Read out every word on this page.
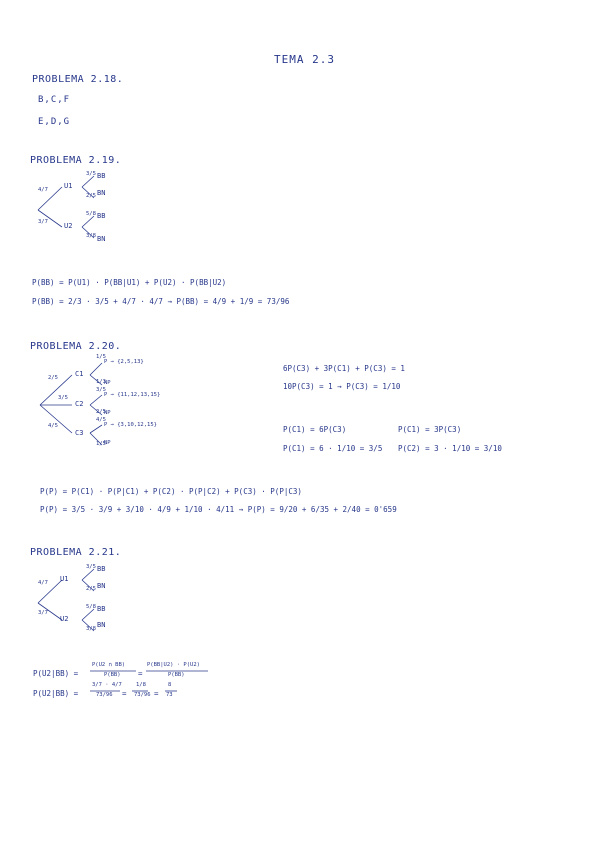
TEMA 2.3
PROBLEMA 2.18.
B,C,F
E,D,G
PROBLEMA 2.19.
4/7
3/7
U1
U2
3/5 BB
2/5 BN
5/8 BB
3/8 BN
P(BB) = P(U1) · P(BB|U1) + P(U2) · P(BB|U2)
P(BB) = 2/3 · 3/5 + 4/7 · 4/7 → P(BB) = 4/9 + 1/9 = 73/96
PROBLEMA 2.20.
2/5
3/5
4/5
C1
C2
C3
1/5
P → {2,5,13}
1/3
NP
3/5
P → {11,12,13,15}
2/5
NP
4/5
P → {3,10,12,15}
1/5
NP
6P(C3) + 3P(C1) + P(C3) = 1
10P(C3) = 1 → P(C3) = 1/10
P(C1) = 6P(C3)	P(C1) = 3P(C3)
P(C1) = 6 · 1/10 = 3/5 P(C2) = 3 · 1/10 = 3/10
P(P) = P(C1) · P(P|C1) + P(C2) · P(P|C2) + P(C3) · P(P|C3)
P(P) = 3/5 · 3/9 + 3/10 · 4/9 + 1/10 · 4/11 → P(P) = 9/20 + 6/35 + 2/40 = 0'659
PROBLEMA 2.21.
4/7
3/7
U1
U2
3/5 BB
2/5 BN
5/8 BB
3/8 BN
P(U2|BB) =
P(U2 ∩ BB)
P(BB) =
P(BB|U2) · P(U2)
P(BB)
P(U2|BB) =
3/7 · 4/7
73/96 =
1/8
73/96 =
8
73
